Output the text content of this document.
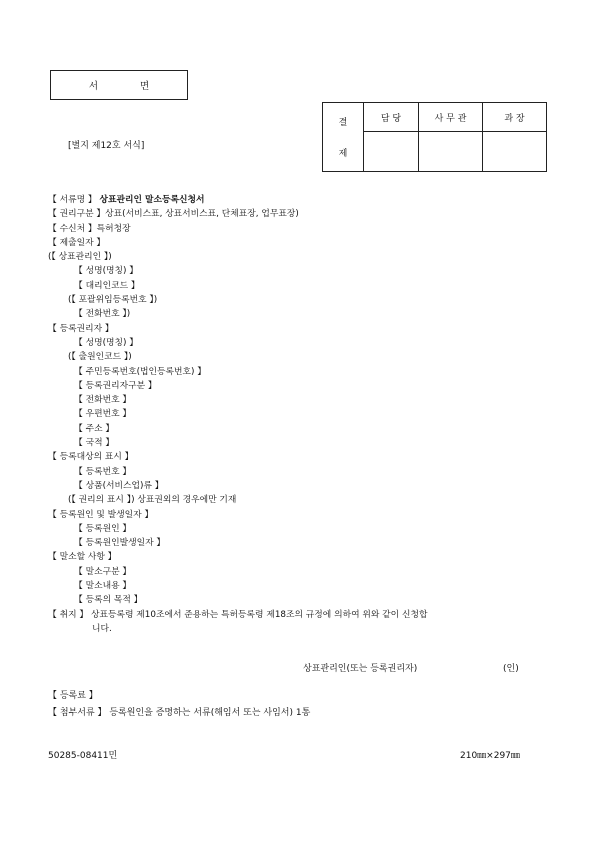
서	면
[별지 제12호 서식]
결
제	담 당	사 무 관	과 장

【 서류명 】 상표관리인 말소등록신청서
【 권리구분 】상표(서비스표, 상표서비스표, 단체표장, 업무표장)
【 수신처 】특허청장
【 제출일자 】
(【 상표관리인 】)
【 성명(명칭) 】
【 대리인코드 】
(【 포괄위임등록번호 】)
【 전화번호 】)
【 등록권리자 】
【 성명(명칭) 】
(【 출원인코드 】)
【 주민등록번호(법인등록번호) 】
【 등록권리자구분 】
【 전화번호 】
【 우편번호 】
【 주소 】
【 국적 】
【 등록대상의 표시 】
【 등록번호 】
【 상품(서비스업)류 】
(【 권리의 표시 】) 상표권외의 경우에만 기재
【 등록원인 및 발생일자 】
【 등록원인 】
【 등록원인발생일자 】
【 말소할 사항 】
【 말소구분 】
【 말소내용 】
【 등록의 목적 】
【 취지 】 상표등록령 제10조에서 준용하는 특허등록령 제18조의 규정에 의하여 위와 같이 신청합
니다.
상표관리인(또는 등록권리자)	(인)
【 등록료 】
【 첨부서류 】 등록원인을 증명하는 서류(해임서 또는 사임서) 1통
50285-08411민	210㎜×297㎜
